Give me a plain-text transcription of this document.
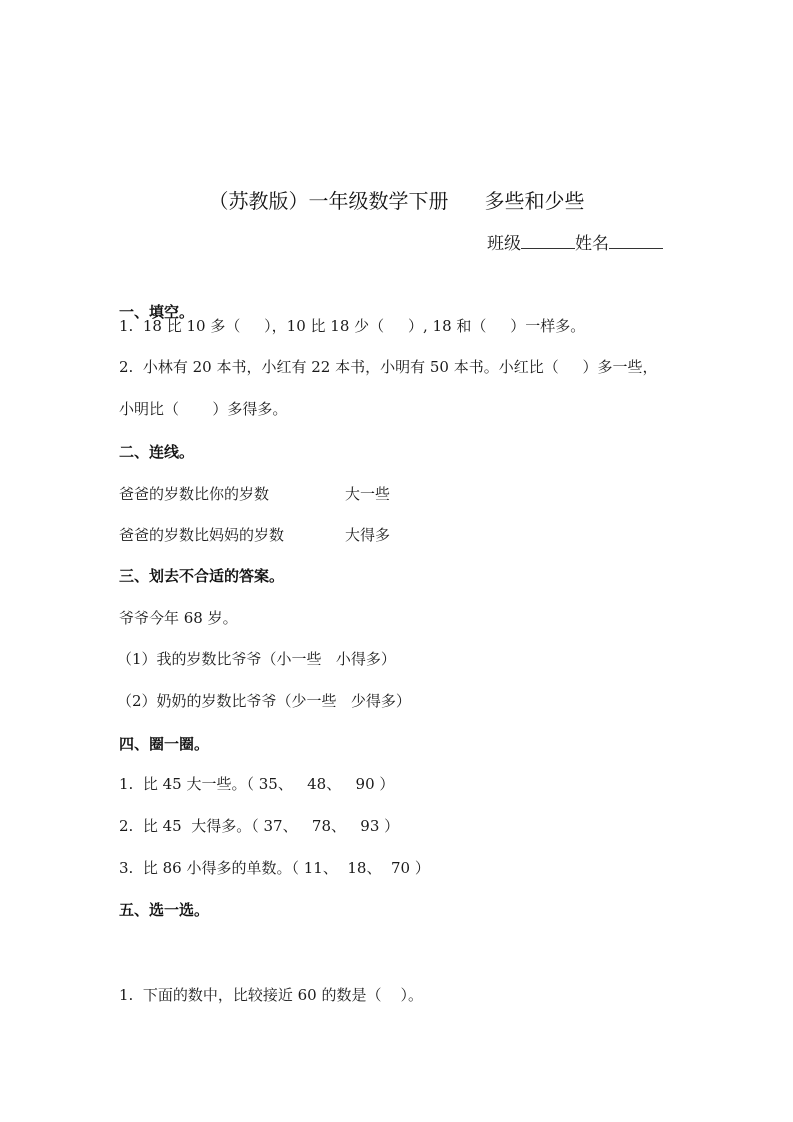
（苏教版）一年级数学下册 多些和少些
班级	姓名
一、填空。
1.  18 比 10 多（     ），10 比 18 少（     ）, 18 和（     ）一样多。
2.  小林有 20 本书，小红有 22 本书，小明有 50 本书。小红比（     ）多一些，
小明比（       ）多得多。
二、连线。
爸爸的岁数比你的岁数	大一些
爸爸的岁数比妈妈的岁数	大得多
三、划去不合适的答案。
爷爷今年 68 岁。
（1）我的岁数比爷爷（小一些   小得多）
（2）奶奶的岁数比爷爷（少一些   少得多）
四、圈一圈。
1.  比 45 大一些。（ 35、   48、   90 ）
2.  比 45  大得多。（ 37、   78、   93 ）
3.  比 86 小得多的单数。（ 11、  18、  70 ）
五、选一选。
1.  下面的数中，比较接近 60 的数是（    ）。
